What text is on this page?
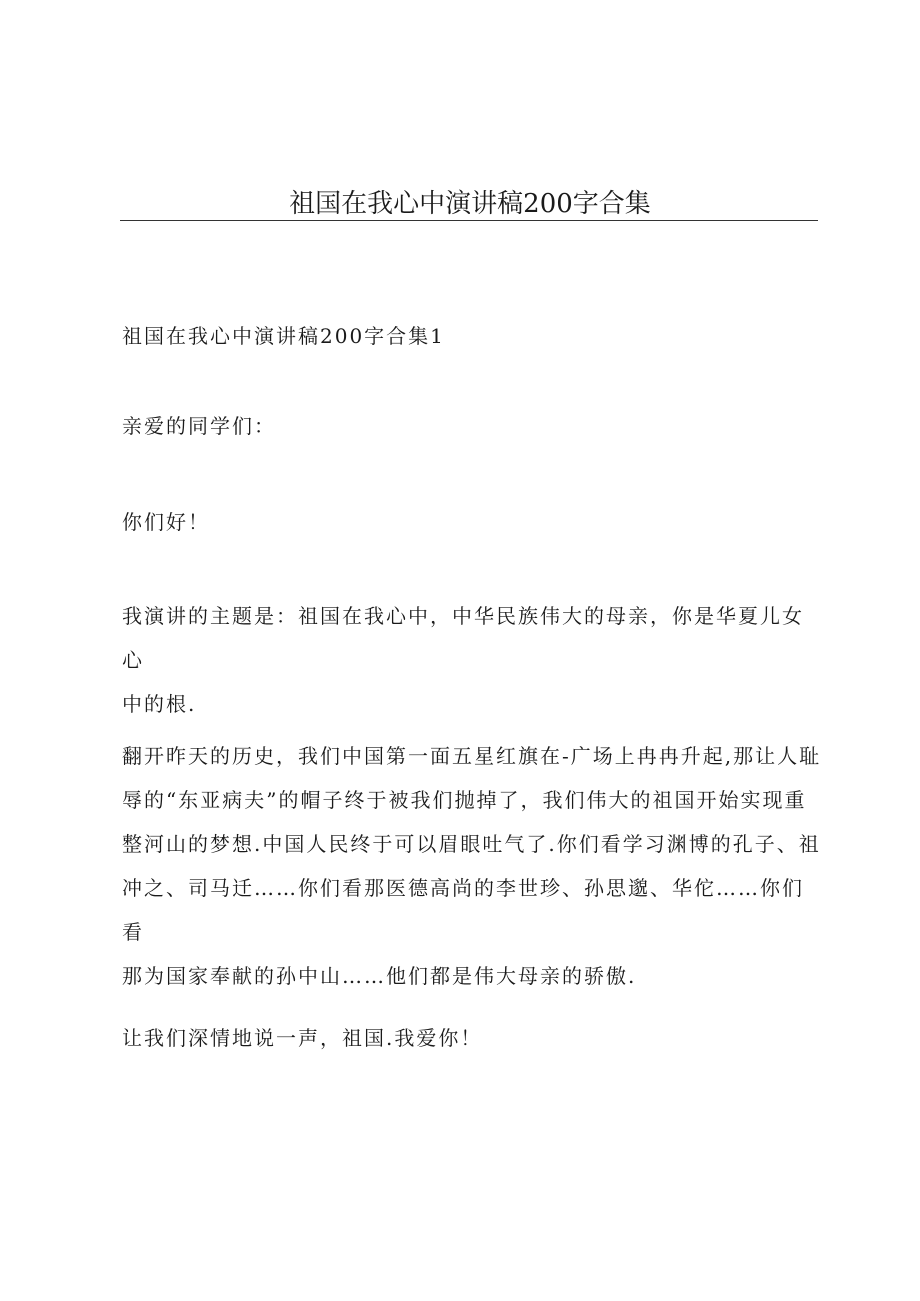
祖国在我心中演讲稿200字合集

祖国在我心中演讲稿200字合集1

亲爱的同学们：

你们好！

我演讲的主题是：祖国在我心中，中华民族伟大的母亲，你是华夏儿女心
中的根.

翻开昨天的历史，我们中国第一面五星红旗在-广场上冉冉升起,那让人耻
辱的“东亚病夫”的帽子终于被我们抛掉了，我们伟大的祖国开始实现重
整河山的梦想.中国人民终于可以眉眼吐气了.你们看学习渊博的孔子、祖
冲之、司马迁……你们看那医德高尚的李世珍、孙思邈、华佗……你们看
那为国家奉献的孙中山……他们都是伟大母亲的骄傲.

让我们深情地说一声，祖国.我爱你！
